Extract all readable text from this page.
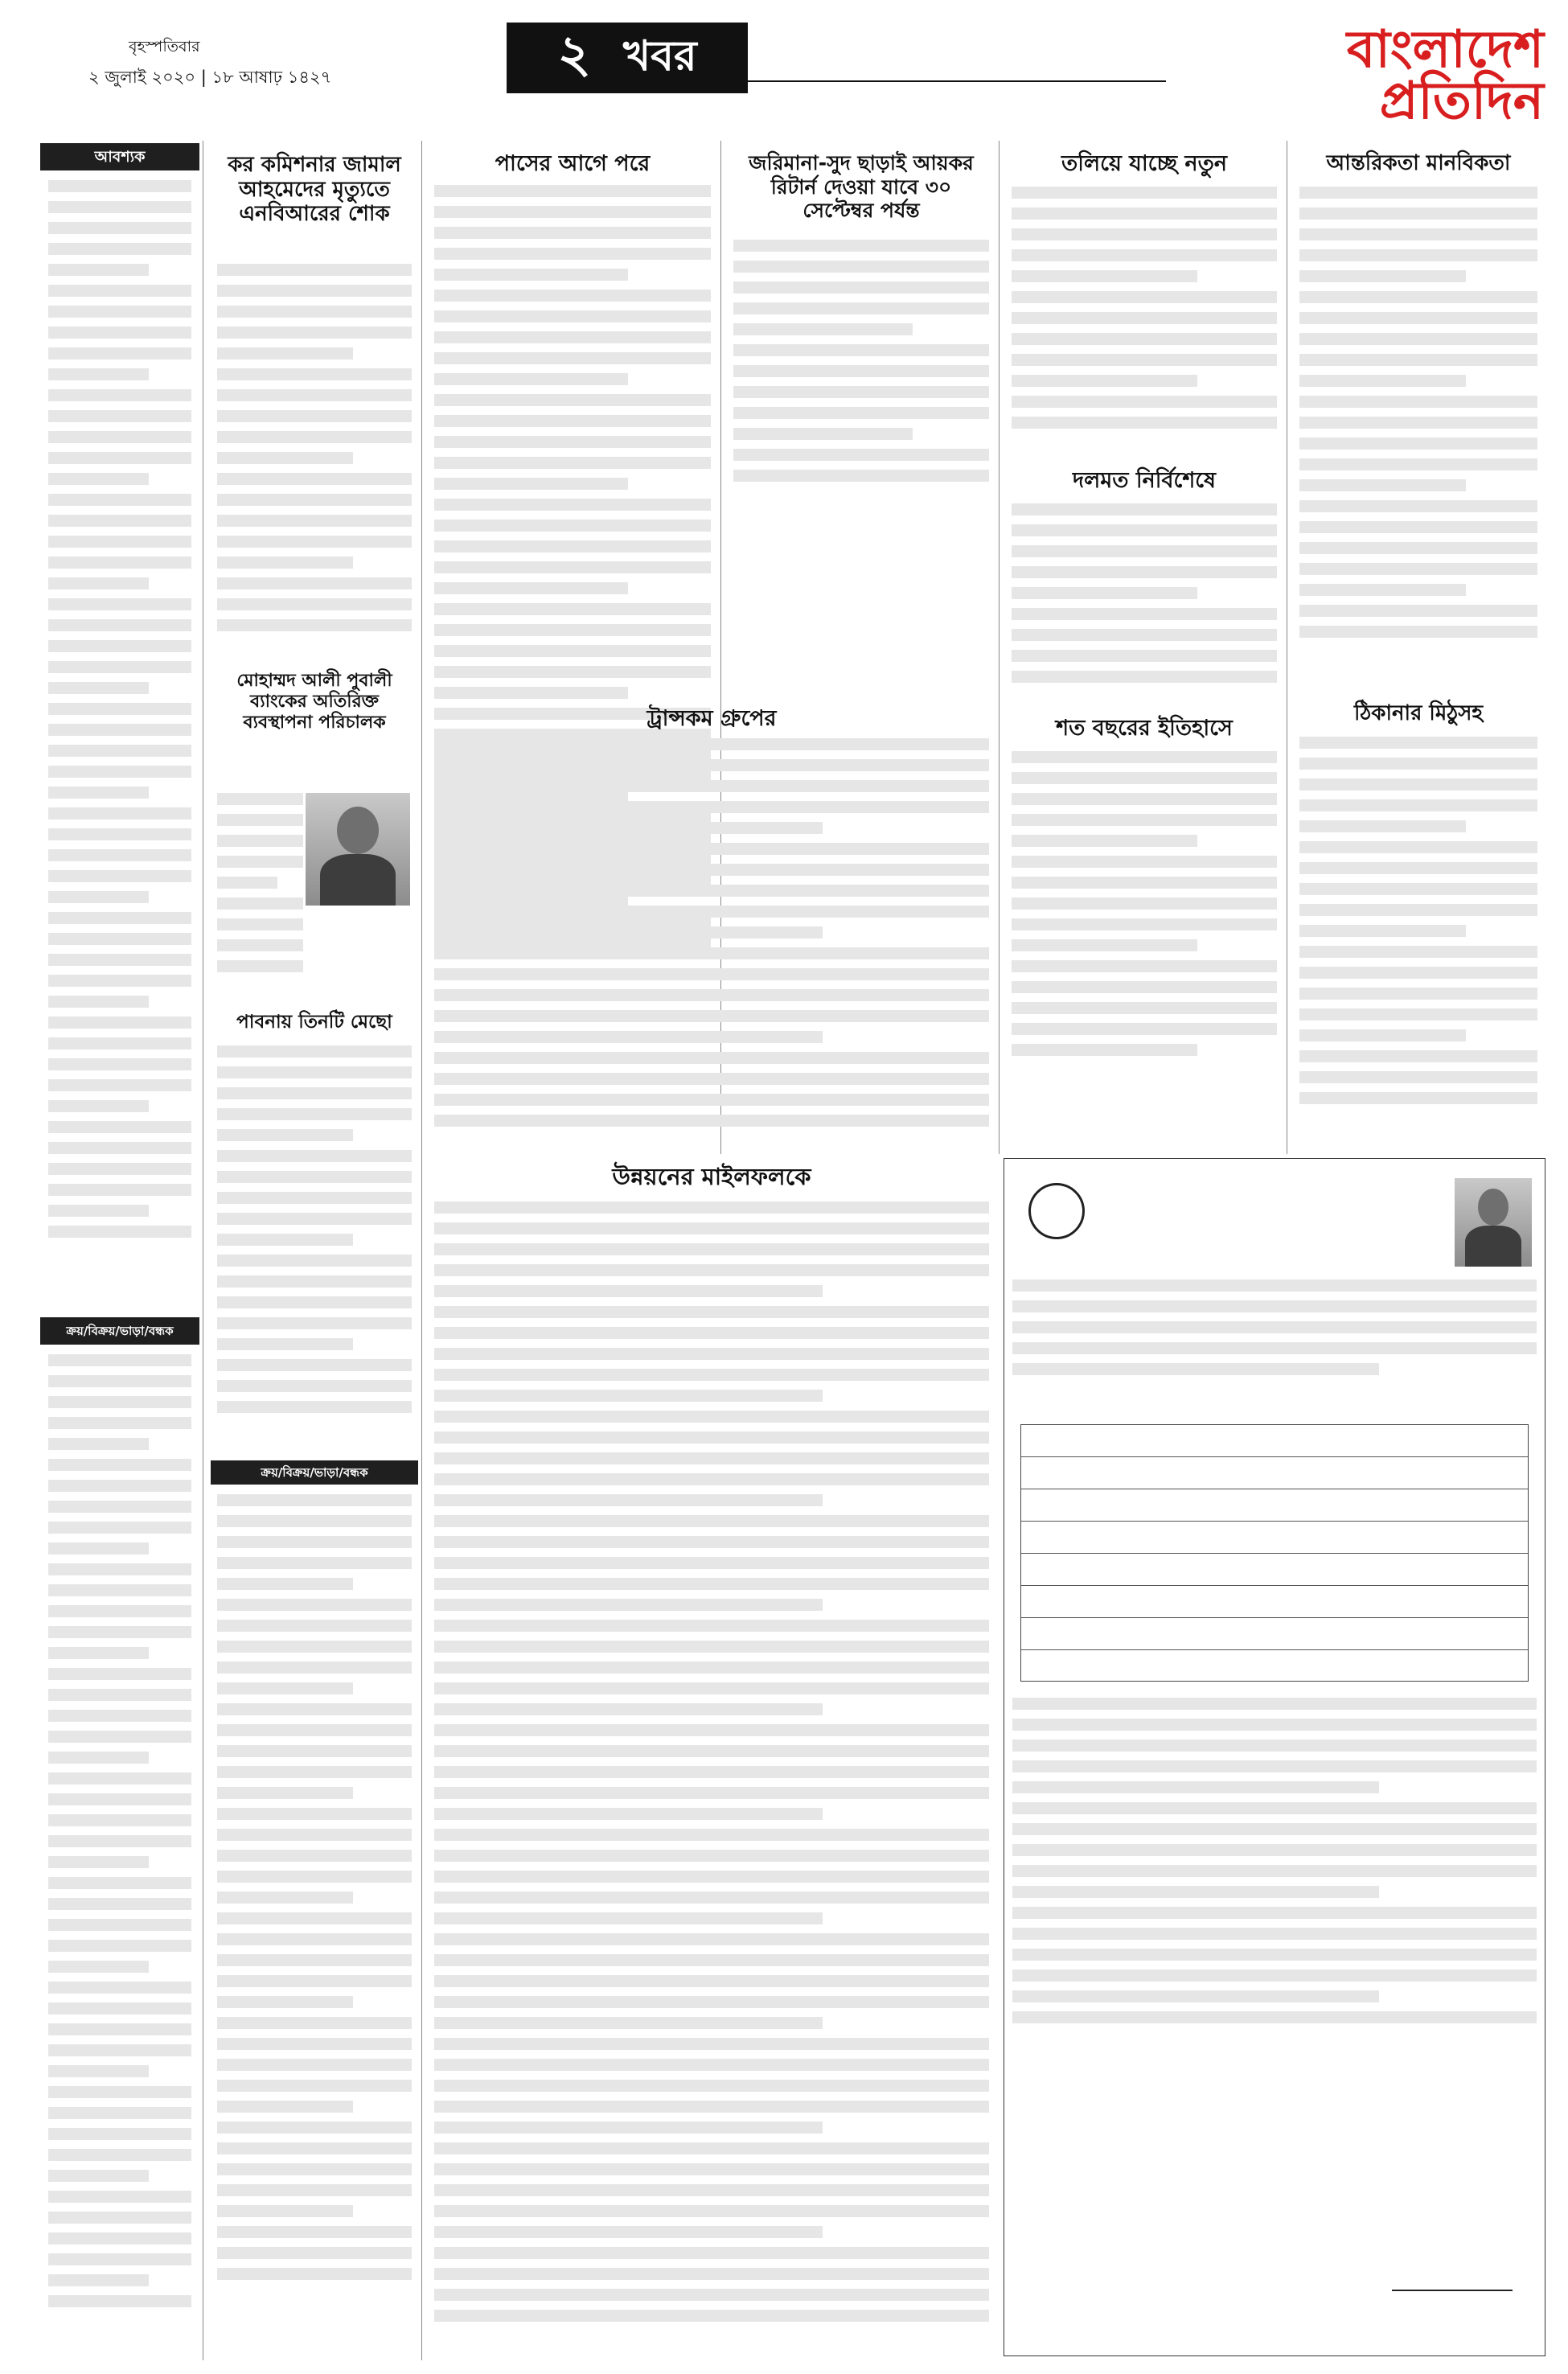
বৃহস্পতিবার
২ জুলাই ২০২০ | ১৮ আষাঢ় ১৪২৭	২ খবর	বাংলাদেশ প্রতিদিন
আবশ্যক
ক্রয়/বিক্রয়/ভাড়া/বন্ধক
কর কমিশনার জামাল আহমেদের মৃত্যুতে এনবিআরের শোক
মোহাম্মদ আলী পুবালী ব্যাংকের অতিরিক্ত ব্যবস্থাপনা পরিচালক
পাবনায় তিনটি মেছো
ক্রয়/বিক্রয়/ভাড়া/বন্ধক
পাসের আগে পরে	জরিমানা-সুদ ছাড়াই আয়কর রিটার্ন দেওয়া যাবে ৩০ সেপ্টেম্বর পর্যন্ত
ট্রান্সকম গ্রুপের
উন্নয়নের মাইলফলকে
তলিয়ে যাচ্ছে নতুন
দলমত নির্বিশেষে
শত বছরের ইতিহাসে
আন্তরিকতা মানবিকতা
ঠিকানার মিঠুসহ
